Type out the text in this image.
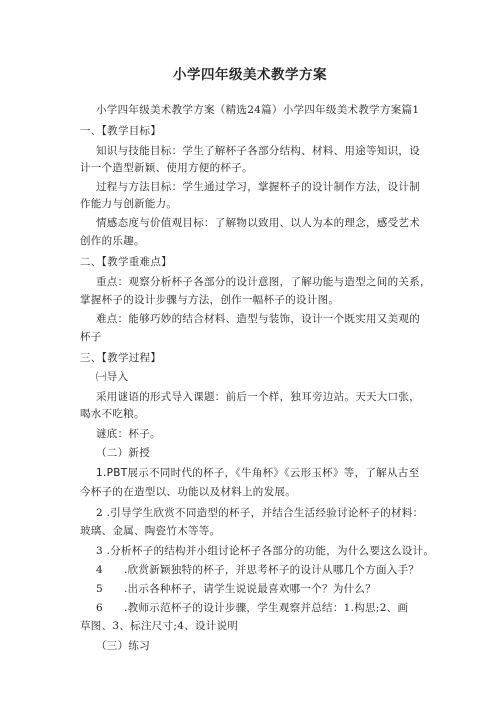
小学四年级美术教学方案
小学四年级美术教学方案（精选24篇）小学四年级美术教学方案篇1
一、【教学目标】
知识与技能目标：学生了解杯子各部分结构、材料、用途等知识，设
计一个造型新颖、使用方便的杯子。
过程与方法目标：学生通过学习，掌握杯子的设计制作方法，设计制
作能力与创新能力。
情感态度与价值观目标：了解物以致用、以人为本的理念，感受艺术
创作的乐趣。
二、【教学重难点】
重点：观察分析杯子各部分的设计意图，了解功能与造型之间的关系，
掌握杯子的设计步骤与方法，创作一幅杯子的设计图。
难点：能够巧妙的结合材料、造型与装饰，设计一个既实用又美观的
杯子
三、【教学过程】
㈠导入
采用谜语的形式导入课题：前后一个样，独耳旁边站。天天大口张，
喝水不吃粮。
谜底：杯子。
（二）新授
1.PBT展示不同时代的杯子，《牛角杯》《云形玉杯》等，了解从古至
今杯子的在造型以、功能以及材料上的发展。
2 .引导学生欣赏不同造型的杯子，并结合生活经验讨论杯子的材料：
玻璃、金属、陶瓷竹木等等。
3 .分析杯子的结构并小组讨论杯子各部分的功能，为什么要这么设计。
4 .欣赏新颖独特的杯子，并思考杯子的设计从哪几个方面入手？
5 .出示各种杯子，请学生说说最喜欢哪一个？为什么？
6 .教师示范杯子的设计步骤，学生观察并总结：1.构思;2、画
草图、3、标注尺寸;4、设计说明
（三）练习
